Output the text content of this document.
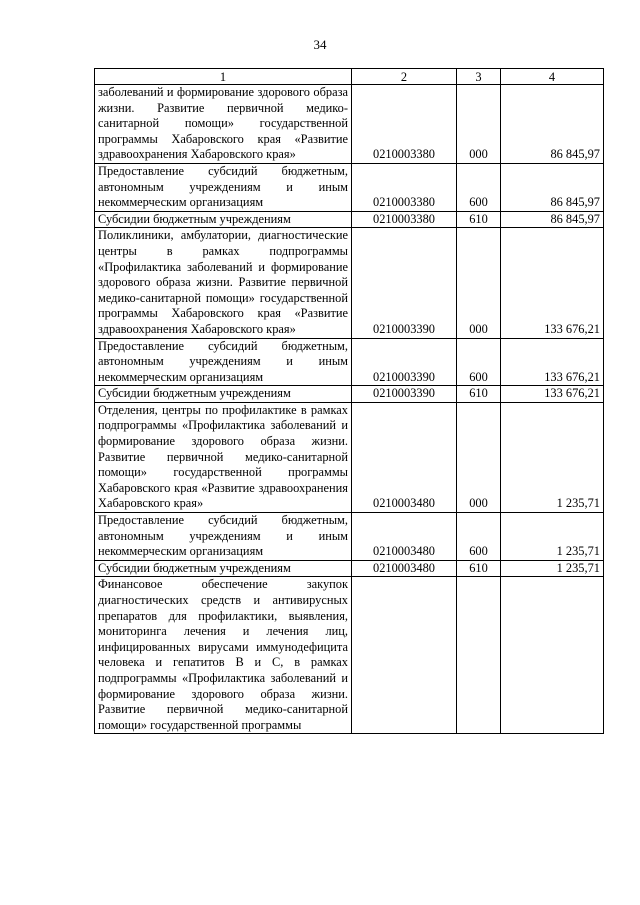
34
1	2	3	4
заболеваний и формирование здорового образа жизни. Развитие первичной медико-санитарной помощи» государственной программы Хабаровского края «Развитие здравоохранения Хабаровского края»	0210003380	000	86 845,97
Предоставление субсидий бюджетным, автономным учреждениям и иным некоммерческим организациям	0210003380	600	86 845,97
Субсидии бюджетным учреждениям	0210003380	610	86 845,97
Поликлиники, амбулатории, диагностические центры в рамках подпрограммы «Профилактика заболеваний и формирование здорового образа жизни. Развитие первичной медико-санитарной помощи» государственной программы Хабаровского края «Развитие здравоохранения Хабаровского края»	0210003390	000	133 676,21
Предоставление субсидий бюджетным, автономным учреждениям и иным некоммерческим организациям	0210003390	600	133 676,21
Субсидии бюджетным учреждениям	0210003390	610	133 676,21
Отделения, центры по профилактике в рамках подпрограммы «Профилактика заболеваний и формирование здорового образа жизни. Развитие первичной медико-санитарной помощи» государственной программы Хабаровского края «Развитие здравоохранения Хабаровского края»	0210003480	000	1 235,71
Предоставление субсидий бюджетным, автономным учреждениям и иным некоммерческим организациям	0210003480	600	1 235,71
Субсидии бюджетным учреждениям	0210003480	610	1 235,71
Финансовое обеспечение закупок диагностических средств и антивирусных препаратов для профилактики, выявления, мониторинга лечения и лечения лиц, инфицированных вирусами иммунодефицита человека и гепатитов В и С, в рамках подпрограммы «Профилактика заболеваний и формирование здорового образа жизни. Развитие первичной медико-санитарной помощи» государственной программы			
